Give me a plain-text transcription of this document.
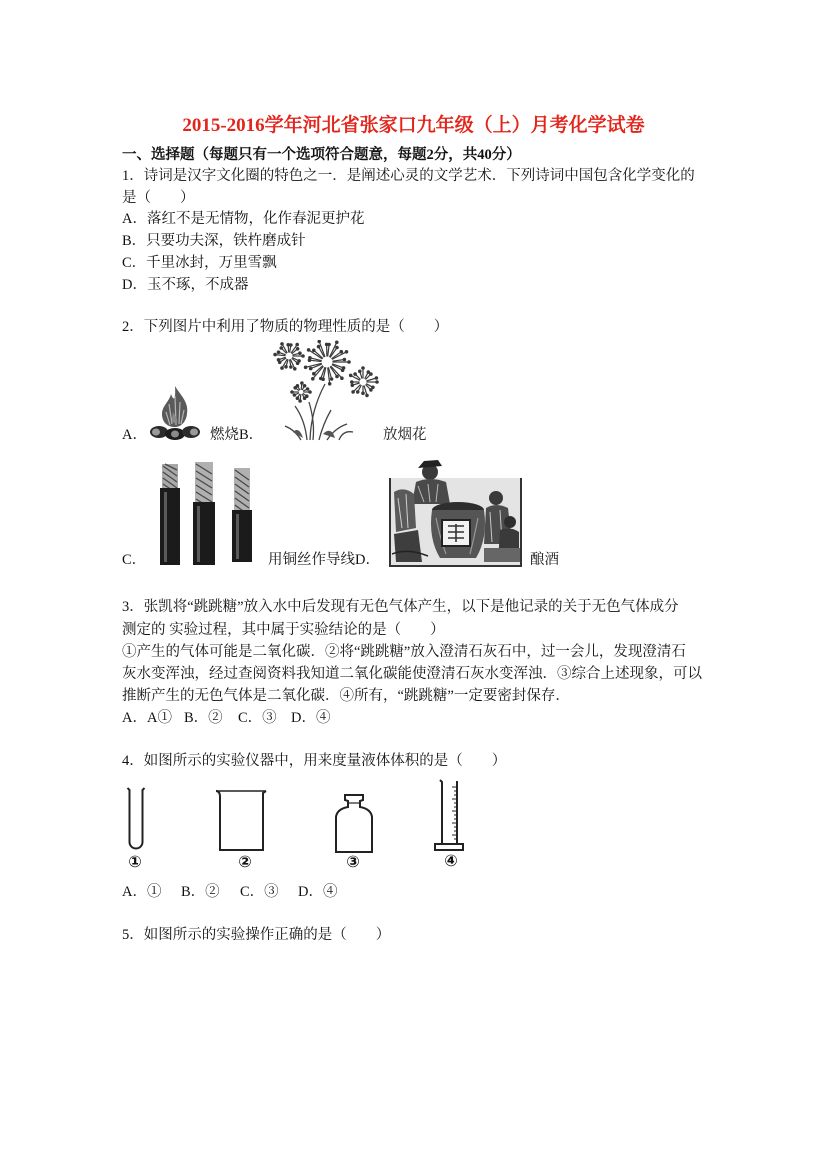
2015-2016学年河北省张家口九年级（上）月考化学试卷
一、选择题（每题只有一个选项符合题意，每题2分，共40分）
1．诗词是汉字文化圈的特色之一．是阐述心灵的文学艺术．下列诗词中国包含化学变化的
是（　　）
A．落红不是无情物，化作春泥更护花
B．只要功夫深，铁杵磨成针
C．千里冰封，万里雪飘
D．玉不琢，不成器
2．下列图片中利用了物质的物理性质的是（　　）
A．	燃烧B．	放烟花
C．	用铜丝作导线D．	酿酒
3．张凯将“跳跳糖”放入水中后发现有无色气体产生，以下是他记录的关于无色气体成分
测定的 实验过程，其中属于实验结论的是（　　）
①产生的气体可能是二氧化碳．②将“跳跳糖”放入澄清石灰石中，过一会儿，发现澄清石
灰水变浑浊，经过查阅资料我知道二氧化碳能使澄清石灰水变浑浊．③综合上述现象，可以
推断产生的无色气体是二氧化碳．④所有，“跳跳糖”一定要密封保存．
A．A① B．② C．③ D．④
4．如图所示的实验仪器中，用来度量液体体积的是（　　）
①	②	③	④
A．① B．② C．③ D．④
5．如图所示的实验操作正确的是（　　）
